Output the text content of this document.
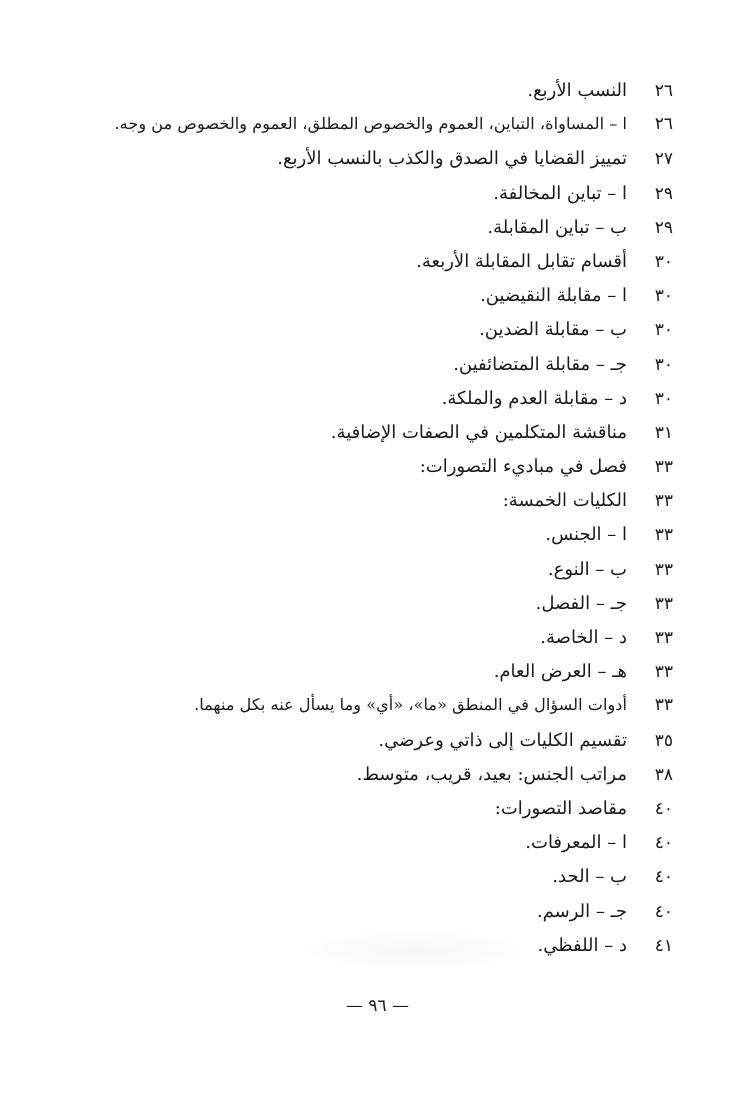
٢٦
النسب الأربع.
٢٦
ا – المساواة، التباين، العموم والخصوص المطلق، العموم والخصوص من وجه.
٢٧
تمييز القضايا في الصدق والكذب بالنسب الأربع.
٢٩
ا – تباين المخالفة.
٢٩
ب – تباين المقابلة.
٣٠
أقسام تقابل المقابلة الأربعة.
٣٠
ا – مقابلة النقيضين.
٣٠
ب – مقابلة الضدين.
٣٠
جـ – مقابلة المتضائفين.
٣٠
د – مقابلة العدم والملكة.
٣١
مناقشة المتكلمين في الصفات الإضافية.
٣٣
فصل في مباديء التصورات:
٣٣
الكليات الخمسة:
٣٣
ا – الجنس.
٣٣
ب – النوع.
٣٣
جـ – الفصل.
٣٣
د – الخاصة.
٣٣
هـ – العرض العام.
٣٣
أدوات السؤال في المنطق «ما»، «أي» وما يسأل عنه بكل منهما.
٣٥
تقسيم الكليات إلى ذاتي وعرضي.
٣٨
مراتب الجنس: بعيد، قريب، متوسط.
٤٠
مقاصد التصورات:
٤٠
ا – المعرفات.
٤٠
ب – الحد.
٤٠
جـ – الرسم.
٤١
د – اللفظي.
— ٩٦ —
